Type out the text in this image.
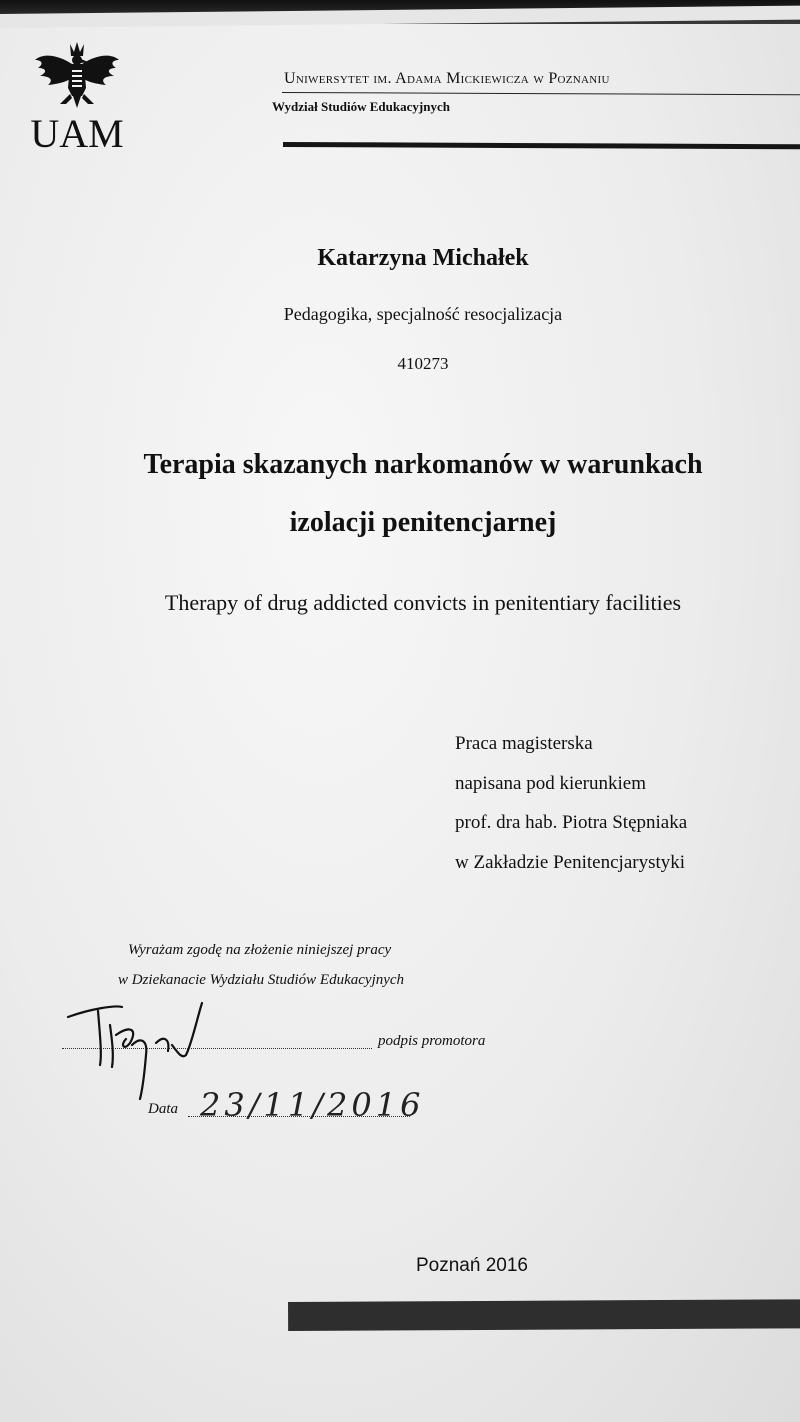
UAM
Uniwersytet im. Adama Mickiewicza w Poznaniu
Wydział Studiów Edukacyjnych
Katarzyna Michałek
Pedagogika, specjalność resocjalizacja
410273
Terapia skazanych narkomanów w warunkach
izolacji penitencjarnej
Therapy of drug addicted convicts in penitentiary facilities
Praca magisterska
napisana pod kierunkiem
prof. dra hab. Piotra Stępniaka
w Zakładzie Penitencjarystyki
Wyrażam zgodę na złożenie niniejszej pracy
w Dziekanacie Wydziału Studiów Edukacyjnych
podpis promotora
Data 23/11/2016
Poznań 2016
